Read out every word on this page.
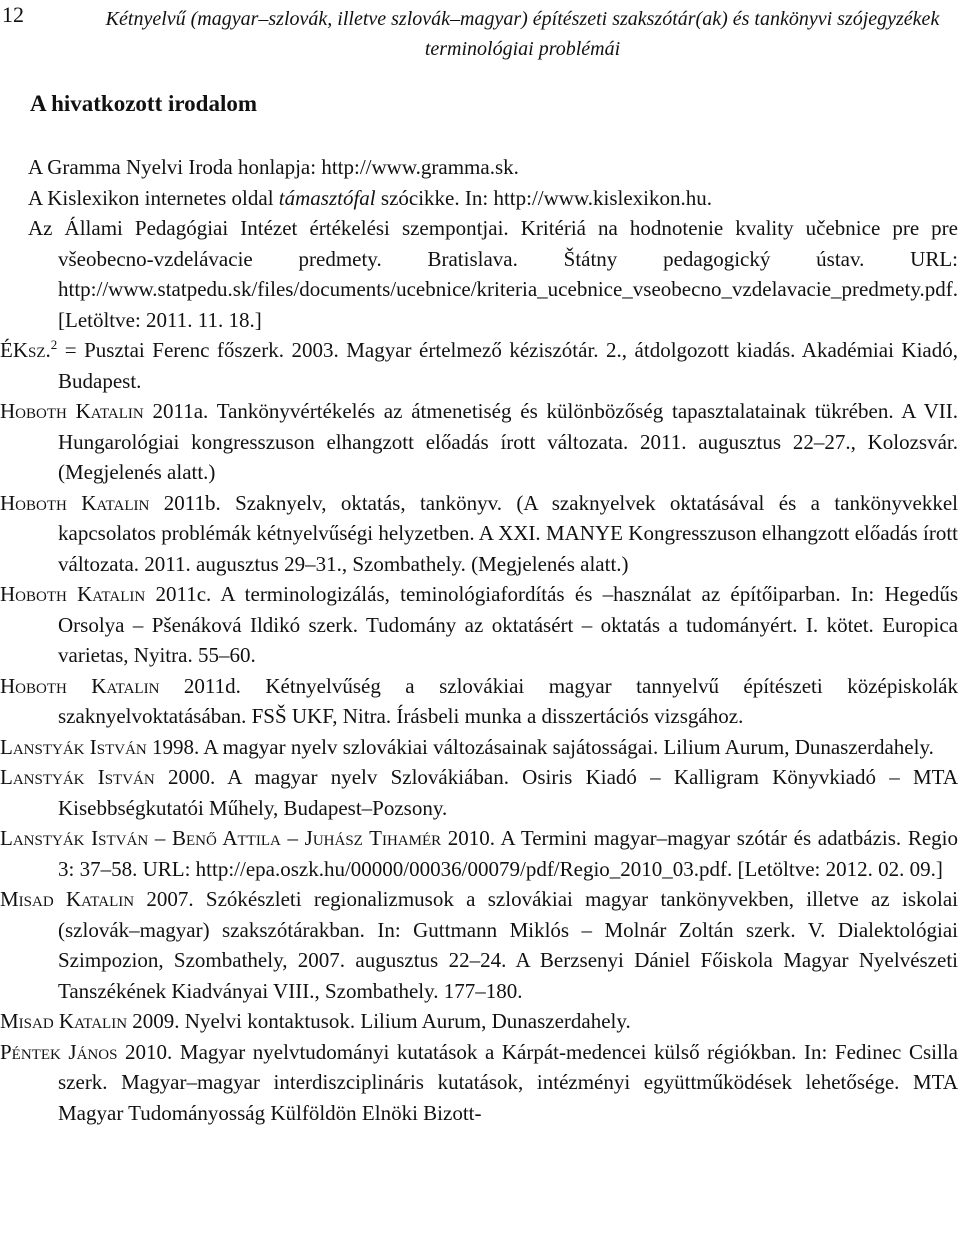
12	Kétnyelvű (magyar–szlovák, illetve szlovák–magyar) építészeti szakszótár(ak) és tankönyvi szójegyzékek terminológiai problémái
A hivatkozott irodalom

A Gramma Nyelvi Iroda honlapja: http://www.gramma.sk.

A Kislexikon internetes oldal támasztófal szócikke. In: http://www.kislexikon.hu.

Az Állami Pedagógiai Intézet értékelési szempontjai. Kritériá na hodnotenie kvality učebnice pre pre všeobecno-vzdelávacie predmety. Bratislava. Štátny pedagogický ústav. URL: http://www.statpedu.sk/files/documents/ucebnice/kriteria_ucebnice_vseobecno_vzdelavacie_predmety.pdf. [Letöltve: 2011. 11. 18.]

ÉKsz.$^2$ = Pusztai Ferenc főszerk. 2003. Magyar értelmező kéziszótár. 2., átdolgozott kiadás. Akadémiai Kiadó, Budapest.

Hoboth Katalin 2011a. Tankönyvértékelés az átmenetiség és különbözőség tapasztalatainak tükrében. A VII. Hungarológiai kongresszuson elhangzott előadás írott változata. 2011. augusztus 22–27., Kolozsvár. (Megjelenés alatt.)

Hoboth Katalin 2011b. Szaknyelv, oktatás, tankönyv. (A szaknyelvek oktatásával és a tankönyvekkel kapcsolatos problémák kétnyelvűségi helyzetben. A XXI. MANYE Kongresszuson elhangzott előadás írott változata. 2011. augusztus 29–31., Szombathely. (Megjelenés alatt.)

Hoboth Katalin 2011c. A terminologizálás, teminológiafordítás és –használat az építőiparban. In: Hegedűs Orsolya – Pšenáková Ildikó szerk. Tudomány az oktatásért – oktatás a tudományért. I. kötet. Europica varietas, Nyitra. 55–60.

Hoboth Katalin 2011d. Kétnyelvűség a szlovákiai magyar tannyelvű építészeti középiskolák szaknyelvoktatásában. FSŠ UKF, Nitra. Írásbeli munka a disszertációs vizsgához.

Lanstyák István 1998. A magyar nyelv szlovákiai változásainak sajátosságai. Lilium Aurum, Dunaszerdahely.

Lanstyák István 2000. A magyar nyelv Szlovákiában. Osiris Kiadó – Kalligram Könyvkiadó – MTA Kisebbségkutatói Műhely, Budapest–Pozsony.

Lanstyák István – Benő Attila – Juhász Tihamér 2010. A Termini magyar–magyar szótár és adatbázis. Regio 3: 37–58. URL: http://epa.oszk.hu/00000/00036/00079/pdf/Regio_2010_03.pdf. [Letöltve: 2012. 02. 09.]

Misad Katalin 2007. Szókészleti regionalizmusok a szlovákiai magyar tankönyvekben, illetve az iskolai (szlovák–magyar) szakszótárakban. In: Guttmann Miklós – Molnár Zoltán szerk. V. Dialektológiai Szimpozion, Szombathely, 2007. augusztus 22–24. A Berzsenyi Dániel Főiskola Magyar Nyelvészeti Tanszékének Kiadványai VIII., Szombathely. 177–180.

Misad Katalin 2009. Nyelvi kontaktusok. Lilium Aurum, Dunaszerdahely.

Péntek János 2010. Magyar nyelvtudományi kutatások a Kárpát-medencei külső régiókban. In: Fedinec Csilla szerk. Magyar–magyar interdiszciplináris kutatások, intézményi együttműködések lehetősége. MTA Magyar Tudományosság Külföldön Elnöki Bizott-
